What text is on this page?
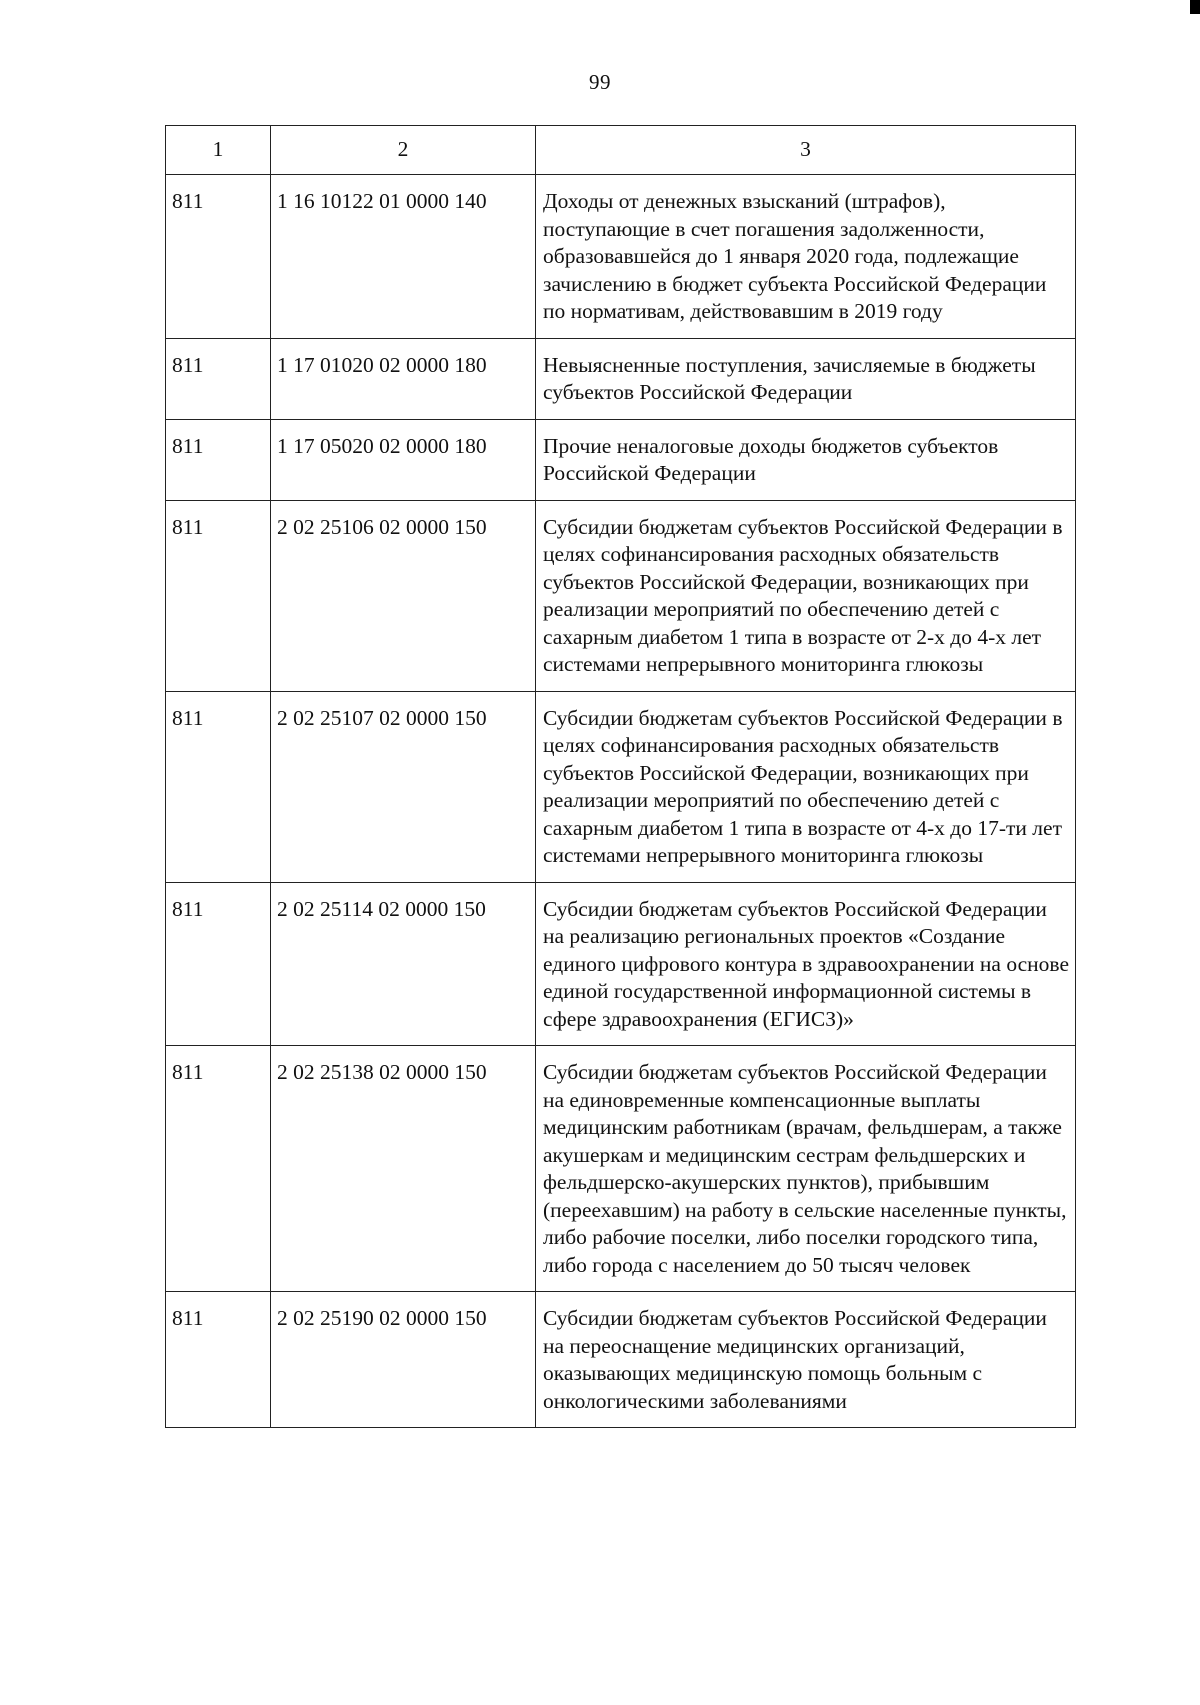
99
1	2	3
811	1 16 10122 01 0000 140	Доходы от денежных взысканий (штрафов), поступающие в счет погашения задолженности, образовавшейся до 1 января 2020 года, подлежащие зачислению в бюджет субъекта Российской Федерации по нормативам, действовавшим в 2019 году
811	1 17 01020 02 0000 180	Невыясненные поступления, зачисляемые в бюджеты субъектов Российской Федерации
811	1 17 05020 02 0000 180	Прочие неналоговые доходы бюджетов субъектов Российской Федерации
811	2 02 25106 02 0000 150	Субсидии бюджетам субъектов Российской Федерации в целях софинансирования расходных обязательств субъектов Российской Федерации, возникающих при реализации мероприятий по обеспечению детей с сахарным диабетом 1 типа в возрасте от 2-х до 4-х лет системами непрерывного мониторинга глюкозы
811	2 02 25107 02 0000 150	Субсидии бюджетам субъектов Российской Федерации в целях софинансирования расходных обязательств субъектов Российской Федерации, возникающих при реализации мероприятий по обеспечению детей с сахарным диабетом 1 типа в возрасте от 4-х до 17-ти лет системами непрерывного мониторинга глюкозы
811	2 02 25114 02 0000 150	Субсидии бюджетам субъектов Российской Федерации на реализацию региональных проектов «Создание единого цифрового контура в здравоохранении на основе единой государственной информационной системы в сфере здравоохранения (ЕГИСЗ)»
811	2 02 25138 02 0000 150	Субсидии бюджетам субъектов Российской Федерации на единовременные компенсационные выплаты медицинским работникам (врачам, фельдшерам, а также акушеркам и медицинским сестрам фельдшерских и фельдшерско-акушерских пунктов), прибывшим (переехавшим) на работу в сельские населенные пункты, либо рабочие поселки, либо поселки городского типа, либо города с населением до 50 тысяч человек
811	2 02 25190 02 0000 150	Субсидии бюджетам субъектов Российской Федерации на переоснащение медицинских организаций, оказывающих медицинскую помощь больным с онкологическими заболеваниями
